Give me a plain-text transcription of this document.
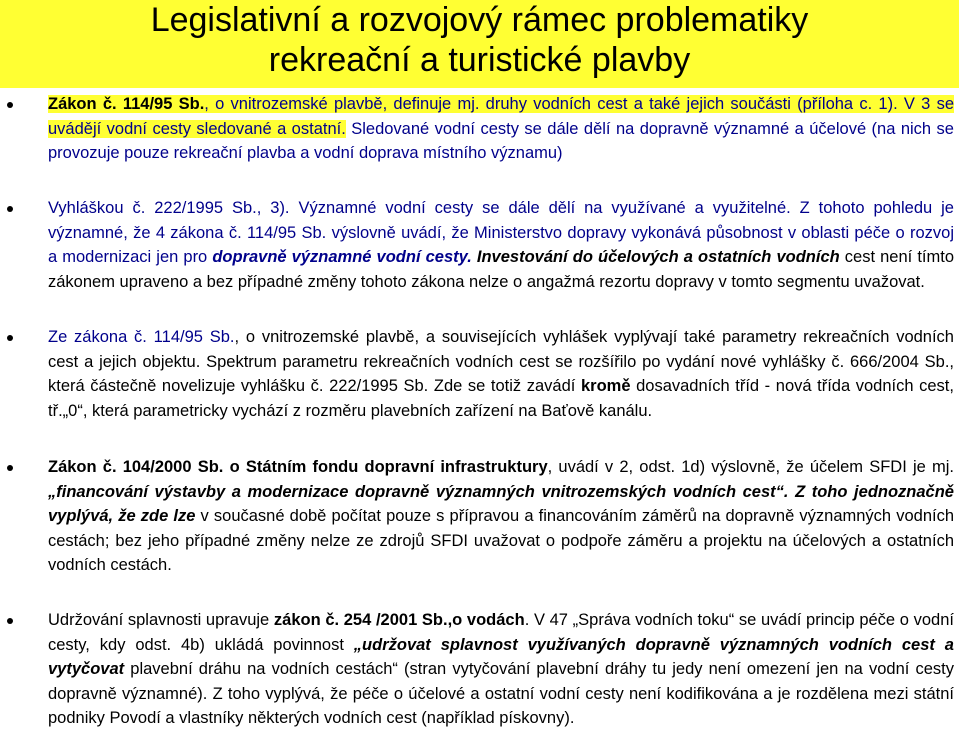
Legislativní a rozvojový rámec problematiky
rekreační a turistické plavby

Zákon č. 114/95 Sb., o vnitrozemské plavbě, definuje mj. druhy vodních cest a také jejich součásti (příloha c. 1). V 3 se uvádějí vodní cesty sledované a ostatní. Sledované vodní cesty se dále dělí na dopravně významné a účelové (na nich se provozuje pouze rekreační plavba a vodní doprava místního významu)

Vyhláškou č. 222/1995 Sb., 3). Významné vodní cesty se dále dělí na využívané a využitelné. Z tohoto pohledu je významné, že 4 zákona č. 114/95 Sb. výslovně uvádí, že Ministerstvo dopravy vykonává působnost v oblasti péče o rozvoj a modernizaci jen pro dopravně významné vodní cesty. Investování do účelových a ostatních vodních cest není tímto zákonem upraveno a bez případné změny tohoto zákona nelze o angažmá rezortu dopravy v tomto segmentu uvažovat.

Ze zákona č. 114/95 Sb., o vnitrozemské plavbě, a souvisejících vyhlášek vyplývají také parametry rekreačních vodních cest a jejich objektu. Spektrum parametru rekreačních vodních cest se rozšířilo po vydání nové vyhlášky č. 666/2004 Sb., která částečně novelizuje vyhlášku č. 222/1995 Sb. Zde se totiž zavádí kromě dosavadních tříd - nová třída vodních cest, tř.„0“, která parametricky vychází z rozměru plavebních zařízení na Baťově kanálu.

Zákon č. 104/2000 Sb. o Státním fondu dopravní infrastruktury, uvádí v 2, odst. 1d) výslovně, že účelem SFDI je mj. „financování výstavby a modernizace dopravně významných vnitrozemských vodních cest“. Z toho jednoznačně vyplývá, že zde lze v současné době počítat pouze s přípravou a financováním záměrů na dopravně významných vodních cestách; bez jeho případné změny nelze ze zdrojů SFDI uvažovat o podpoře záměru a projektu na účelových a ostatních vodních cestách.

Udržování splavnosti upravuje zákon č. 254 /2001 Sb.,o vodách. V 47 „Správa vodních toku“ se uvádí princip péče o vodní cesty, kdy odst. 4b) ukládá povinnost „udržovat splavnost využívaných dopravně významných vodních cest a vytyčovat plavební dráhu na vodních cestách“ (stran vytyčování plavební dráhy tu jedy není omezení jen na vodní cesty dopravně významné). Z toho vyplývá, že péče o účelové a ostatní vodní cesty není kodifikována a je rozdělena mezi státní podniky Povodí a vlastníky některých vodních cest (například pískovny).
